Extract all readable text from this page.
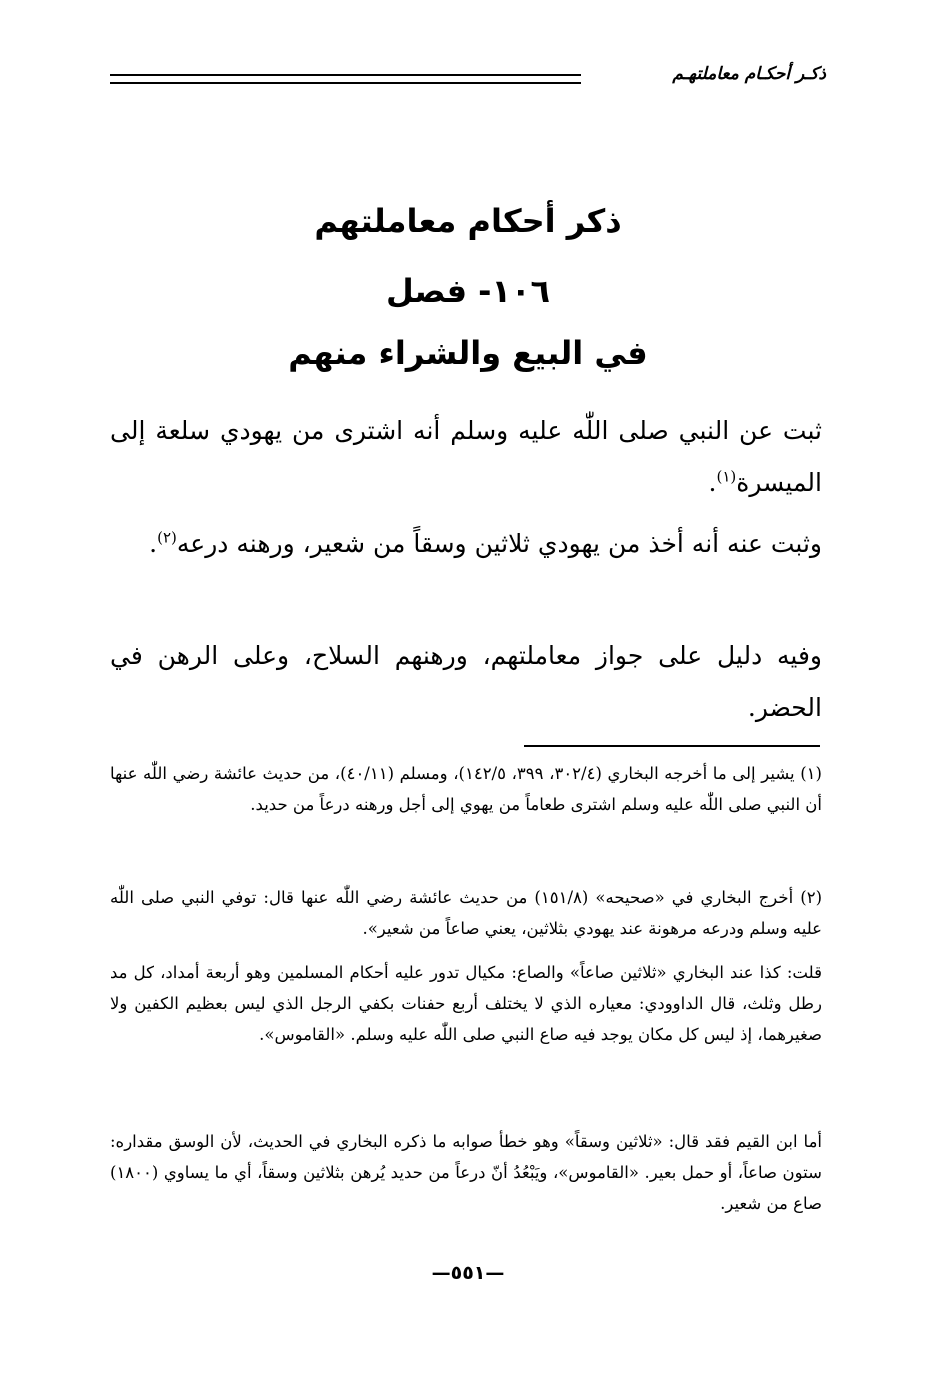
ذكـر أحكـام معاملتهـم
ذكر أحكام معاملتهم
١٠٦- فصل
في البيع والشراء منهم

ثبت عن النبي صلى اللّٰه عليه وسلم أنه اشترى من يهودي سلعة إلى الميسرة$^{(١)}$.

وثبت عنه أنه أخذ من يهودي ثلاثين وسقاً من شعير، ورهنه درعه$^{(٢)}$.

وفيه دليل على جواز معاملتهم، ورهنهم السلاح، وعلى الرهن في الحضر.

(١) يشير إلى ما أخرجه البخاري (٣٠٢/٤، ٣٩٩، ١٤٢/٥)، ومسلم (٤٠/١١)، من حديث عائشة رضي اللّٰه عنها أن النبي صلى اللّٰه عليه وسلم اشترى طعاماً من يهوي إلى أجل ورهنه درعاً من حديد.

(٢) أخرج البخاري في «صحيحه» (١٥١/٨) من حديث عائشة رضي اللّٰه عنها قال: توفي النبي صلى اللّٰه عليه وسلم ودرعه مرهونة عند يهودي بثلاثين، يعني صاعاً من شعير».

قلت: كذا عند البخاري «ثلاثين صاعاً» والصاع: مكيال تدور عليه أحكام المسلمين وهو أربعة أمداد، كل مد رطل وثلث، قال الداوودي: معياره الذي لا يختلف أربع حفنات بكفي الرجل الذي ليس بعظيم الكفين ولا صغيرهما، إذ ليس كل مكان يوجد فيه صاع النبي صلى اللّٰه عليه وسلم. «القاموس».

أما ابن القيم فقد قال: «ثلاثين وسقاً» وهو خطأ صوابه ما ذكره البخاري في الحديث، لأن الوسق مقداره: ستون صاعاً، أو حمل بعير. «القاموس»، ويَبْعُدُ أنّ درعاً من حديد يُرهن بثلاثين وسقاً، أي ما يساوي (١٨٠٠) صاع من شعير.

—٥٥١—
